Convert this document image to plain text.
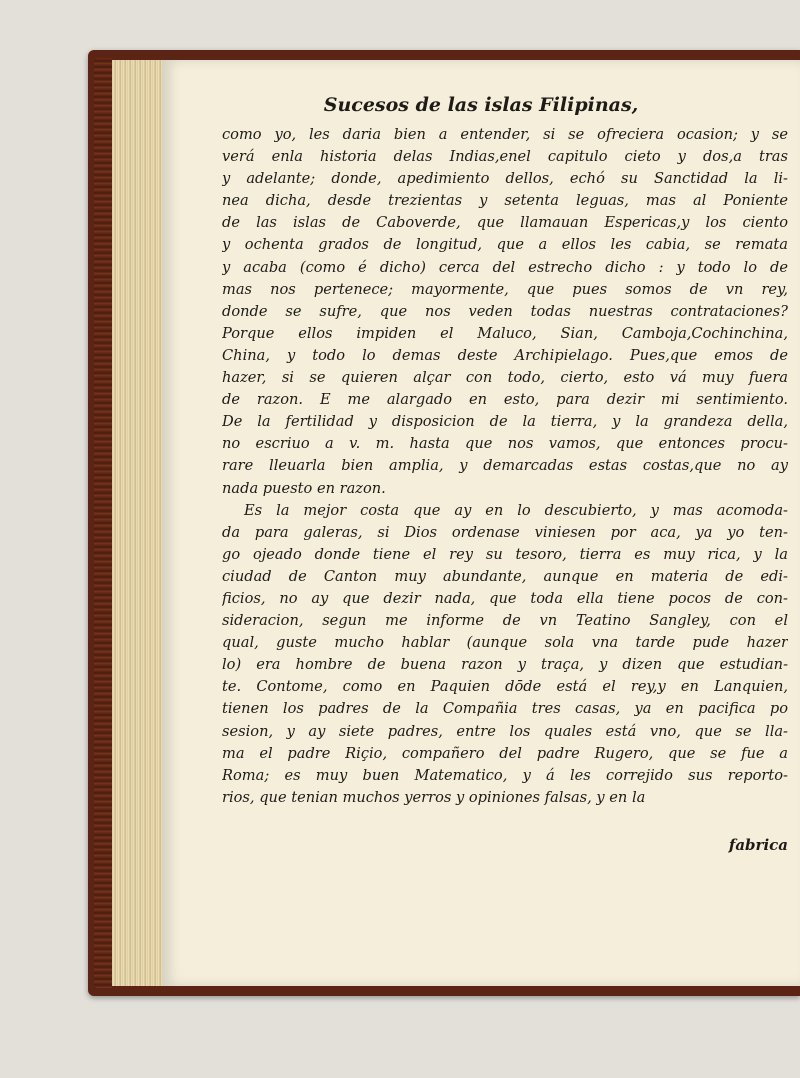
Sucesos de las islas Filipinas,
como yo, les daria bien a entender, si se ofreciera ocasion; y se
verá enla historia delas Indias,enel capitulo cieto y dos,a tras
y adelante; donde, apedimiento dellos, echó su Sanctidad la li-
nea dicha, desde trezientas y setenta leguas, mas al Poniente
de las islas de Caboverde, que llamauan Espericas,y los ciento
y ochenta grados de longitud, que a ellos les cabia, se remata
y acaba (como é dicho) cerca del estrecho dicho : y todo lo de
mas nos pertenece; mayormente, que pues somos de vn rey,
donde se sufre, que nos veden todas nuestras contrataciones?
Porque ellos impiden el Maluco, Sian, Camboja,Cochinchina,
China, y todo lo demas deste Archipielago. Pues,que emos de
hazer, si se quieren alçar con todo, cierto, esto vá muy fuera
de razon. E me alargado en esto, para dezir mi sentimiento.
De la fertilidad y disposicion de la tierra, y la grandeza della,
no escriuo a v. m. hasta que nos vamos, que entonces procu-
rare lleuarla bien amplia, y demarcadas estas costas,que no ay
nada puesto en razon.
Es la mejor costa que ay en lo descubierto, y mas acomoda-
da para galeras, si Dios ordenase viniesen por aca, ya yo ten-
go ojeado donde tiene el rey su tesoro, tierra es muy rica, y la
ciudad de Canton muy abundante, aunque en materia de edi-
ficios, no ay que dezir nada, que toda ella tiene pocos de con-
sideracion, segun me informe de vn Teatino Sangley, con el
qual, guste mucho hablar (aunque sola vna tarde pude hazer
lo) era hombre de buena razon y traça, y dizen que estudian-
te. Contome, como en Paquien dōde está el rey,y en Lanquien,
tienen los padres de la Compañia tres casas, ya en pacifica po
sesion, y ay siete padres, entre los quales está vno, que se lla-
ma el padre Riçio, compañero del padre Rugero, que se fue a
Roma; es muy buen Matematico, y á les correjido sus reporto-
rios, que tenian muchos yerros y opiniones falsas, y en la
fabrica
